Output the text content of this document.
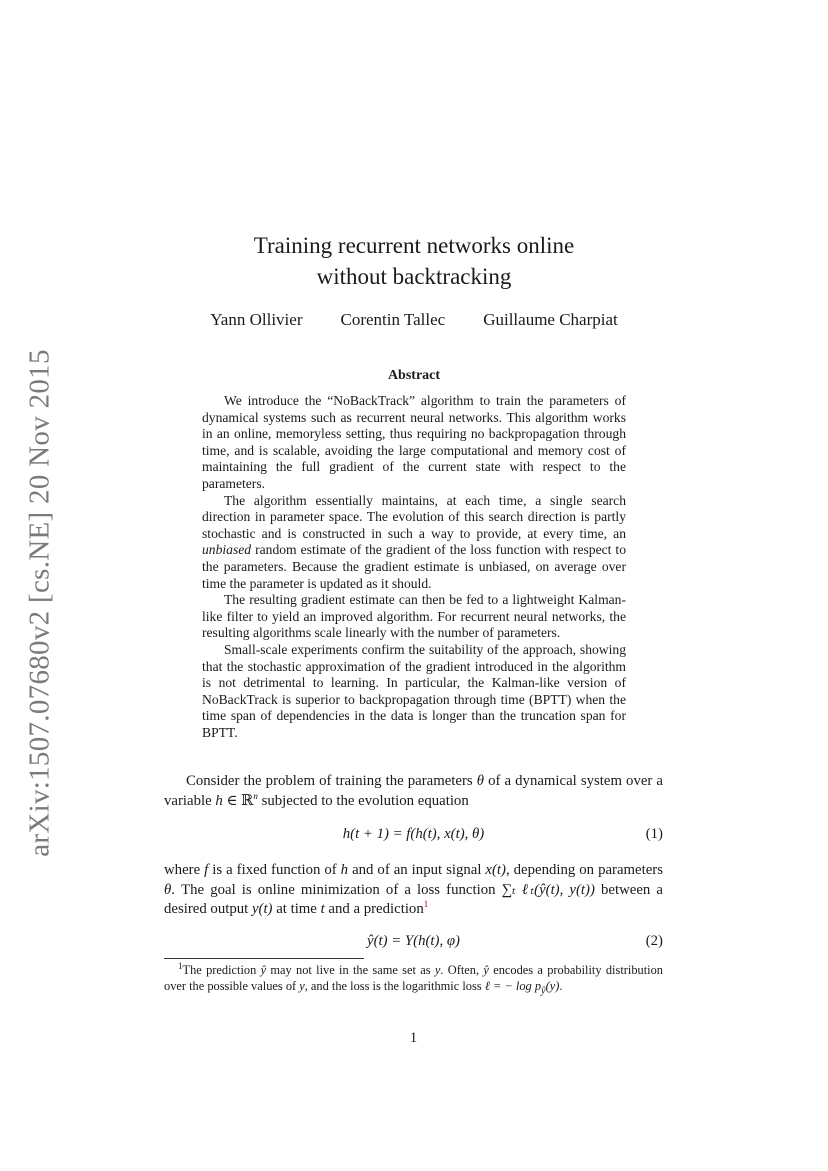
arXiv:1507.07680v2 [cs.NE] 20 Nov 2015
Training recurrent networks online
without backtracking
Yann Ollivier Corentin Tallec Guillaume Charpiat
Abstract

We introduce the “NoBackTrack” algorithm to train the parameters of dynamical systems such as recurrent neural networks. This algorithm works in an online, memoryless setting, thus requiring no backpropagation through time, and is scalable, avoiding the large computational and memory cost of maintaining the full gradient of the current state with respect to the parameters.

The algorithm essentially maintains, at each time, a single search direction in parameter space. The evolution of this search direction is partly stochastic and is constructed in such a way to provide, at every time, an unbiased random estimate of the gradient of the loss function with respect to the parameters. Because the gradient estimate is unbiased, on average over time the parameter is updated as it should.

The resulting gradient estimate can then be fed to a lightweight Kalman-like filter to yield an improved algorithm. For recurrent neural networks, the resulting algorithms scale linearly with the number of parameters.

Small-scale experiments confirm the suitability of the approach, showing that the stochastic approximation of the gradient introduced in the algorithm is not detrimental to learning. In particular, the Kalman-like version of NoBackTrack is superior to backpropagation through time (BPTT) when the time span of dependencies in the data is longer than the truncation span for BPTT.

Consider the problem of training the parameters θ of a dynamical system over a variable h ∈ ℝ$^n$ subjected to the evolution equation

h(t + 1) = f(h(t), x(t), θ)	(1)

where f is a fixed function of h and of an input signal x(t), depending on parameters θ. The goal is online minimization of a loss function ∑ₜ ℓₜ(ŷ(t), y(t)) between a desired output y(t) at time t and a prediction$^1$

ŷ(t) = Y(h(t), φ)	(2)

$^1$The prediction ŷ may not live in the same set as y. Often, ŷ encodes a probability distribution over the possible values of y, and the loss is the logarithmic loss ℓ = − $\log p_ŷ(y)$.

1
